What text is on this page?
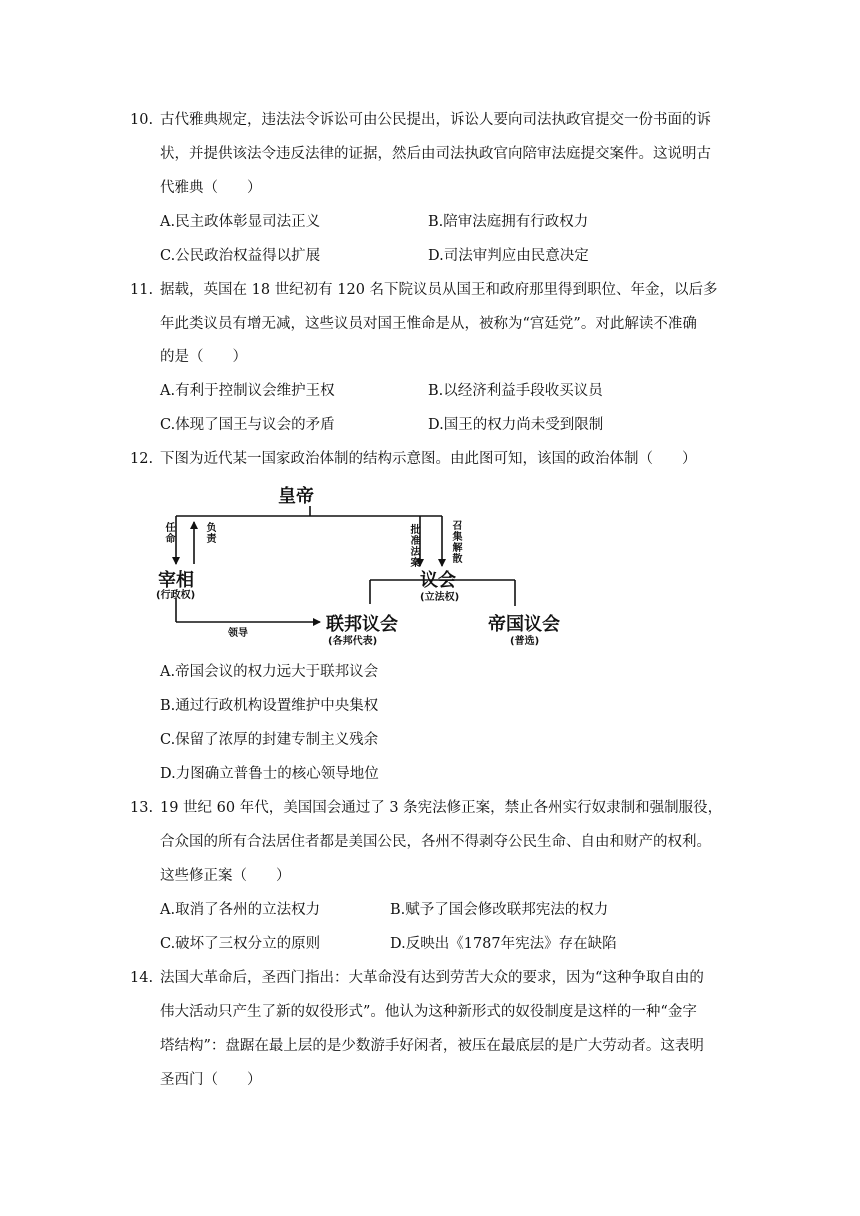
10. 古代雅典规定，违法法令诉讼可由公民提出，诉讼人要向司法执政官提交一份书面的诉
状，并提供该法令违反法律的证据，然后由司法执政官向陪审法庭提交案件。这说明古
代雅典（　　）
A.民主政体彰显司法正义	B.陪审法庭拥有行政权力
C.公民政治权益得以扩展	D.司法审判应由民意决定
11. 据载，英国在 18 世纪初有 120 名下院议员从国王和政府那里得到职位、年金，以后多
年此类议员有增无减，这些议员对国王惟命是从，被称为“宫廷党”。对此解读不准确
的是（　　）
A.有利于控制议会维护王权	B.以经济利益手段收买议员
C.体现了国王与议会的矛盾	D.国王的权力尚未受到限制
12. 下图为近代某一国家政治体制的结构示意图。由此图可知，该国的政治体制（　　）
皇帝
任命	负责	批准法案	召集解散
宰相
(行政权)
议会
(立法权)
领导	联邦议会
(各邦代表)
帝国议会
(普选)
A.帝国会议的权力远大于联邦议会
B.通过行政机构设置维护中央集权
C.保留了浓厚的封建专制主义残余
D.力图确立普鲁士的核心领导地位
13. 19 世纪 60 年代，美国国会通过了 3 条宪法修正案，禁止各州实行奴隶制和强制服役，
合众国的所有合法居住者都是美国公民，各州不得剥夺公民生命、自由和财产的权利。
这些修正案（　　）
A.取消了各州的立法权力	B.赋予了国会修改联邦宪法的权力
C.破坏了三权分立的原则	D.反映出《1787年宪法》存在缺陷
14. 法国大革命后，圣西门指出：大革命没有达到劳苦大众的要求，因为“这种争取自由的
伟大活动只产生了新的奴役形式”。他认为这种新形式的奴役制度是这样的一种“金字
塔结构”：盘踞在最上层的是少数游手好闲者，被压在最底层的是广大劳动者。这表明
圣西门（　　）
